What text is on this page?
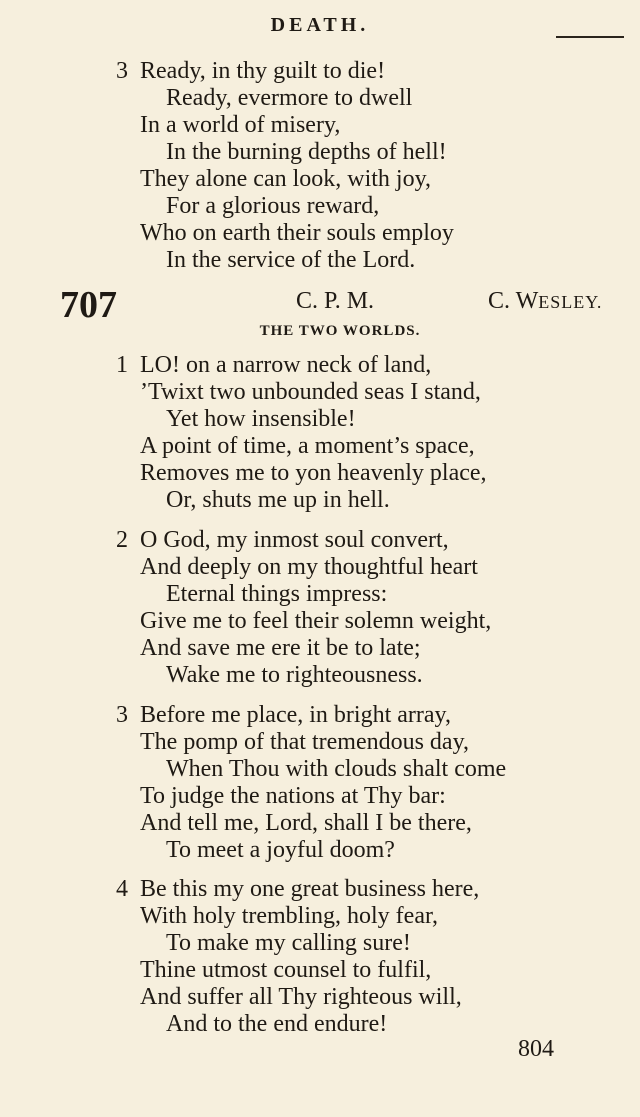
DEATH.
3 Ready, in thy guilt to die!
Ready, evermore to dwell
In a world of misery,
In the burning depths of hell!
They alone can look, with joy,
For a glorious reward,
Who on earth their souls employ
In the service of the Lord.
707	C. P. M.	C. WESLEY.
THE TWO WORLDS.
1 LO! on a narrow neck of land,
’Twixt two unbounded seas I stand,
Yet how insensible!
A point of time, a moment’s space,
Removes me to yon heavenly place,
Or, shuts me up in hell.
2 O God, my inmost soul convert,
And deeply on my thoughtful heart
Eternal things impress:
Give me to feel their solemn weight,
And save me ere it be to late;
Wake me to righteousness.
3 Before me place, in bright array,
The pomp of that tremendous day,
When Thou with clouds shalt come
To judge the nations at Thy bar:
And tell me, Lord, shall I be there,
To meet a joyful doom?
4 Be this my one great business here,
With holy trembling, holy fear,
To make my calling sure!
Thine utmost counsel to fulfil,
And suffer all Thy righteous will,
And to the end endure!
804
